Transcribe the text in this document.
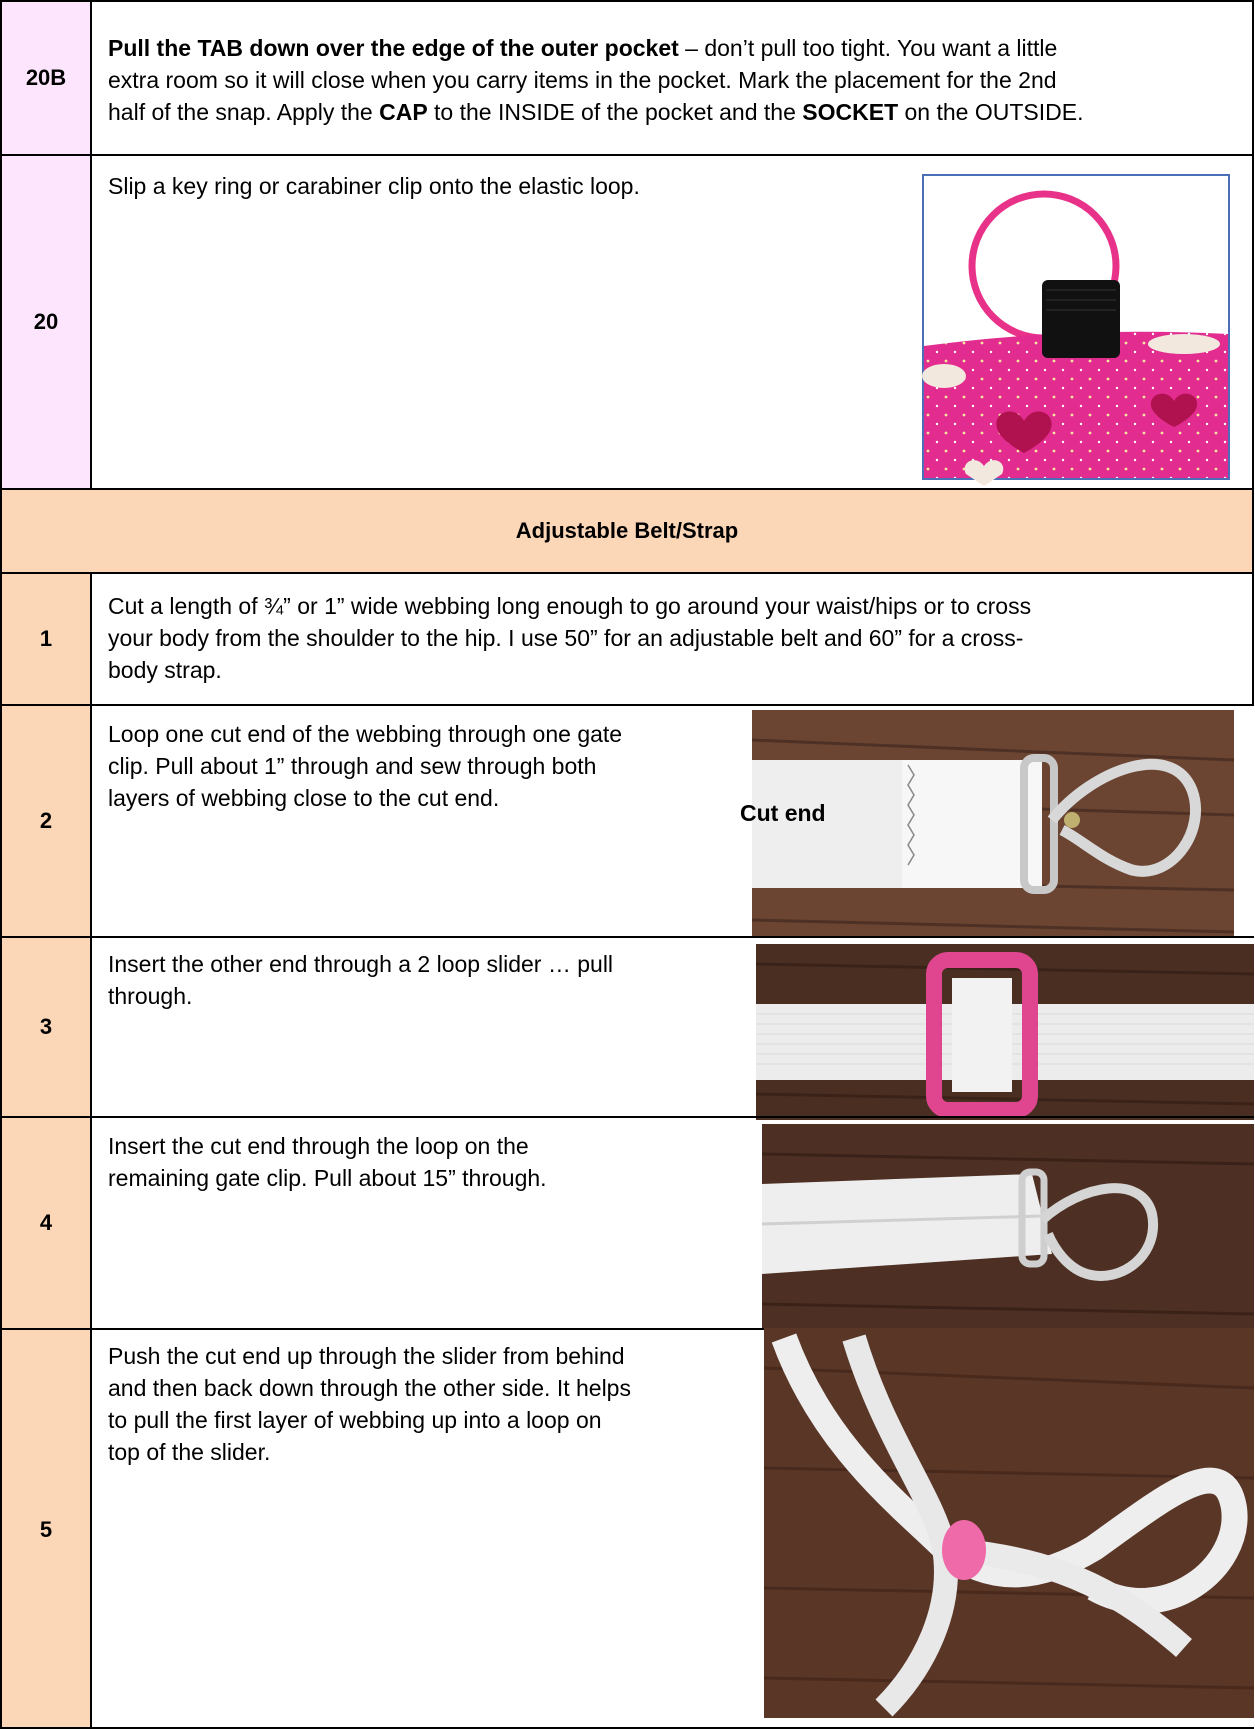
20B
Pull the TAB down over the edge of the outer pocket – don’t pull too tight. You want a little
extra room so it will close when you carry items in the pocket. Mark the placement for the 2nd
half of the snap. Apply the CAP to the INSIDE of the pocket and the SOCKET on the OUTSIDE.
20
Slip a key ring or carabiner clip onto the elastic loop.
Adjustable Belt/Strap
1
Cut a length of ¾” or 1” wide webbing long enough to go around your waist/hips or to cross
your body from the shoulder to the hip. I use 50” for an adjustable belt and 60” for a cross-
body strap.
2
Loop one cut end of the webbing through one gate
clip. Pull about 1” through and sew through both
layers of webbing close to the cut end.
Cut end
3
Insert the other end through a 2 loop slider … pull
through.
4
Insert the cut end through the loop on the
remaining gate clip. Pull about 15” through.
5
Push the cut end up through the slider from behind
and then back down through the other side. It helps
to pull the first layer of webbing up into a loop on
top of the slider.
